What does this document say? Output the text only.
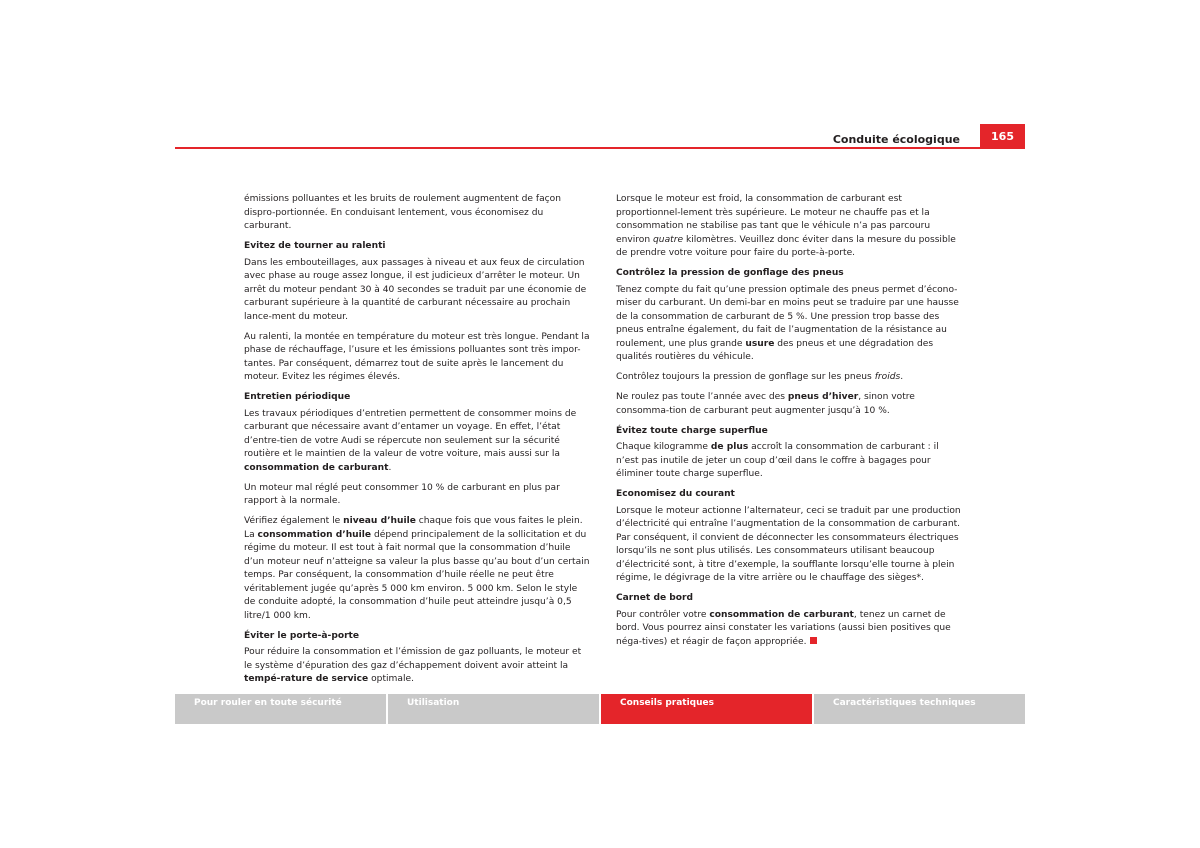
Conduite écologique	165

émissions polluantes et les bruits de roulement augmentent de façon dispro-portionnée. En conduisant lentement, vous économisez du carburant.

Evitez de tourner au ralenti

Dans les embouteillages, aux passages à niveau et aux feux de circulation avec phase au rouge assez longue, il est judicieux d’arrêter le moteur. Un arrêt du moteur pendant 30 à 40 secondes se traduit par une économie de carburant supérieure à la quantité de carburant nécessaire au prochain lance-ment du moteur.

Au ralenti, la montée en température du moteur est très longue. Pendant la phase de réchauffage, l’usure et les émissions polluantes sont très impor-tantes. Par conséquent, démarrez tout de suite après le lancement du moteur. Evitez les régimes élevés.

Entretien périodique

Les travaux périodiques d’entretien permettent de consommer moins de carburant que nécessaire avant d’entamer un voyage. En effet, l’état d’entre-tien de votre Audi se répercute non seulement sur la sécurité routière et le maintien de la valeur de votre voiture, mais aussi sur la consommation de carburant.

Un moteur mal réglé peut consommer 10 % de carburant en plus par rapport à la normale.

Vérifiez également le niveau d’huile chaque fois que vous faites le plein. La consommation d’huile dépend principalement de la sollicitation et du régime du moteur. Il est tout à fait normal que la consommation d’huile d’un moteur neuf n’atteigne sa valeur la plus basse qu’au bout d’un certain temps. Par conséquent, la consommation d’huile réelle ne peut être véritablement jugée qu’après 5 000 km environ. 5 000 km. Selon le style de conduite adopté, la consommation d’huile peut atteindre jusqu’à 0,5 litre/1 000 km.

Éviter le porte-à-porte

Pour réduire la consommation et l’émission de gaz polluants, le moteur et le système d’épuration des gaz d’échappement doivent avoir atteint la tempé-rature de service optimale.

Lorsque le moteur est froid, la consommation de carburant est proportionnel-lement très supérieure. Le moteur ne chauffe pas et la consommation ne stabilise pas tant que le véhicule n’a pas parcouru environ quatre kilomètres. Veuillez donc éviter dans la mesure du possible de prendre votre voiture pour faire du porte-à-porte.

Contrôlez la pression de gonflage des pneus

Tenez compte du fait qu’une pression optimale des pneus permet d’écono-miser du carburant. Un demi-bar en moins peut se traduire par une hausse de la consommation de carburant de 5 %. Une pression trop basse des pneus entraîne également, du fait de l’augmentation de la résistance au roulement, une plus grande usure des pneus et une dégradation des qualités routières du véhicule.

Contrôlez toujours la pression de gonflage sur les pneus froids.

Ne roulez pas toute l’année avec des pneus d’hiver, sinon votre consomma-tion de carburant peut augmenter jusqu’à 10 %.

Évitez toute charge superflue

Chaque kilogramme de plus accroît la consommation de carburant : il n’est pas inutile de jeter un coup d’œil dans le coffre à bagages pour éliminer toute charge superflue.

Economisez du courant

Lorsque le moteur actionne l’alternateur, ceci se traduit par une production d’électricité qui entraîne l’augmentation de la consommation de carburant. Par conséquent, il convient de déconnecter les consommateurs électriques lorsqu’ils ne sont plus utilisés. Les consommateurs utilisant beaucoup d’électricité sont, à titre d’exemple, la soufflante lorsqu’elle tourne à plein régime, le dégivrage de la vitre arrière ou le chauffage des sièges*.

Carnet de bord

Pour contrôler votre consommation de carburant, tenez un carnet de bord. Vous pourrez ainsi constater les variations (aussi bien positives que néga-tives) et réagir de façon appropriée.

Pour rouler en toute sécurité	Utilisation	Conseils pratiques	Caractéristiques techniques
